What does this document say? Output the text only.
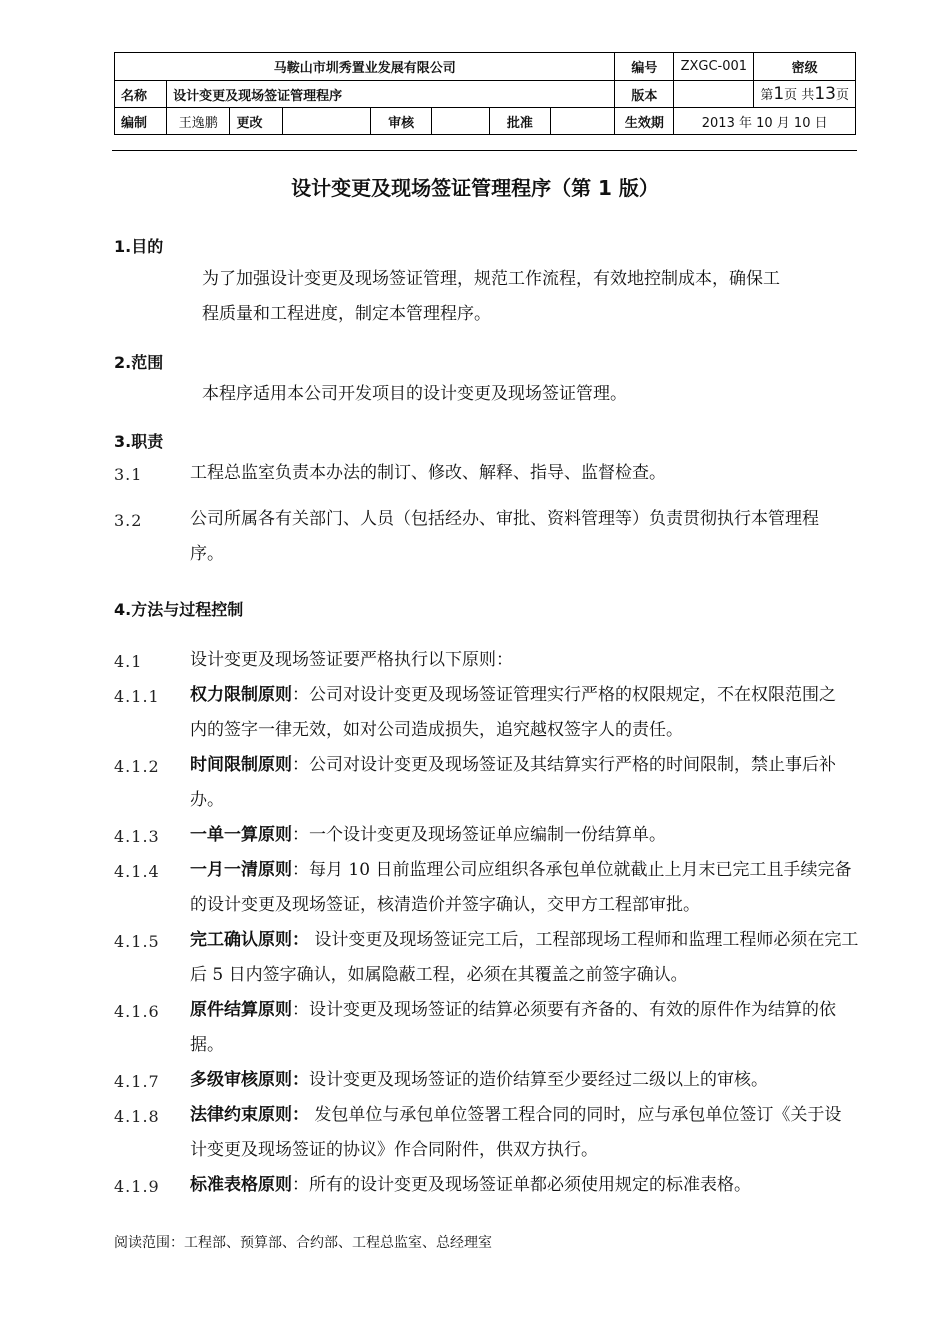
马鞍山市圳秀置业发展有限公司								编号	ZXGC-001	密级
名称	设计变更及现场签证管理程序							版本		第1页 共13页
编制	王逸鹏	更改		审核		批准		生效期	2013 年 10 月 10 日	
设计变更及现场签证管理程序（第 1 版）
1.目的
为了加强设计变更及现场签证管理，规范工作流程，有效地控制成本，确保工
程质量和工程进度，制定本管理程序。
2.范围
本程序适用本公司开发项目的设计变更及现场签证管理。
3.职责
3.1	工程总监室负责本办法的制订、修改、解释、指导、监督检查。
3.2	公司所属各有关部门、人员（包括经办、审批、资料管理等）负责贯彻执行本管理程序。
4.方法与过程控制
4.1	设计变更及现场签证要严格执行以下原则：
4.1.1 权力限制原则：公司对设计变更及现场签证管理实行严格的权限规定，不在权限范围之内的签字一律无效，如对公司造成损失，追究越权签字人的责任。
4.1.2 时间限制原则：公司对设计变更及现场签证及其结算实行严格的时间限制，禁止事后补办。
4.1.3 一单一算原则：一个设计变更及现场签证单应编制一份结算单。
4.1.4 一月一清原则：每月 10 日前监理公司应组织各承包单位就截止上月末已完工且手续完备的设计变更及现场签证，核清造价并签字确认，交甲方工程部审批。
4.1.5 完工确认原则： 设计变更及现场签证完工后，工程部现场工程师和监理工程师必须在完工后 5 日内签字确认，如属隐蔽工程，必须在其覆盖之前签字确认。
4.1.6 原件结算原则：设计变更及现场签证的结算必须要有齐备的、有效的原件作为结算的依据。
4.1.7 多级审核原则：设计变更及现场签证的造价结算至少要经过二级以上的审核。
4.1.8 法律约束原则： 发包单位与承包单位签署工程合同的同时，应与承包单位签订《关于设计变更及现场签证的协议》作合同附件，供双方执行。
4.1.9 标准表格原则：所有的设计变更及现场签证单都必须使用规定的标准表格。
阅读范围：工程部、预算部、合约部、工程总监室、总经理室
